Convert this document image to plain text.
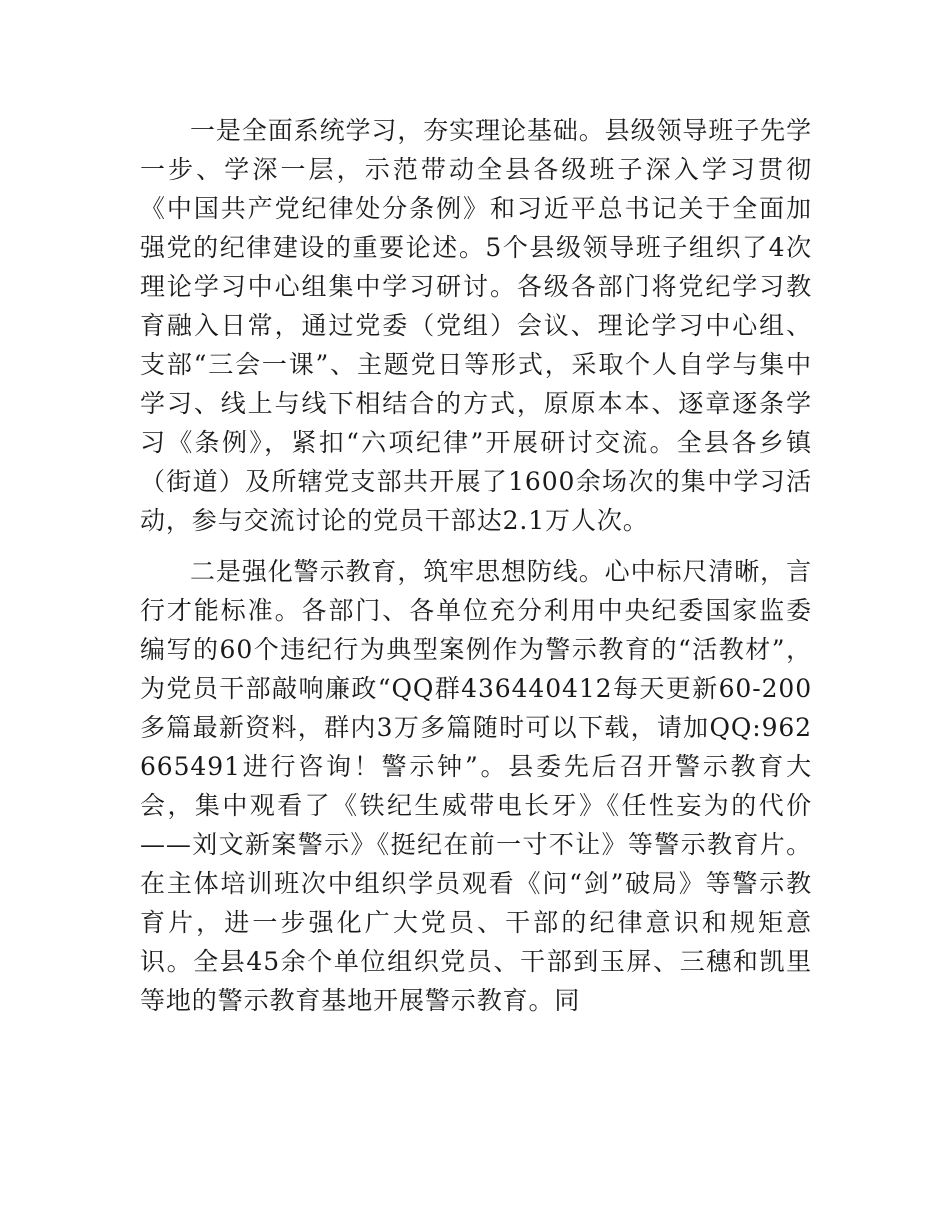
一是全面系统学习，夯实理论基础。县级领导班子先学一步、学深一层，示范带动全县各级班子深入学习贯彻《中国共产党纪律处分条例》和习近平总书记关于全面加强党的纪律建设的重要论述。5个县级领导班子组织了4次理论学习中心组集中学习研讨。各级各部门将党纪学习教育融入日常，通过党委（党组）会议、理论学习中心组、支部“三会一课”、主题党日等形式，采取个人自学与集中学习、线上与线下相结合的方式，原原本本、逐章逐条学习《条例》，紧扣“六项纪律”开展研讨交流。全县各乡镇（街道）及所辖党支部共开展了1600余场次的集中学习活动，参与交流讨论的党员干部达2.1万人次。

二是强化警示教育，筑牢思想防线。心中标尺清晰，言行才能标准。各部门、各单位充分利用中央纪委国家监委编写的60个违纪行为典型案例作为警示教育的“活教材”，为党员干部敲响廉政“QQ群436440412每天更新60-200多篇最新资料，群内3万多篇随时可以下载，请加QQ:962665491进行咨询！警示钟”。县委先后召开警示教育大会，集中观看了《铁纪生威带电长牙》《任性妄为的代价——刘文新案警示》《挺纪在前一寸不让》等警示教育片。在主体培训班次中组织学员观看《问“剑”破局》等警示教育片，进一步强化广大党员、干部的纪律意识和规矩意识。全县45余个单位组织党员、干部到玉屏、三穗和凯里等地的警示教育基地开展警示教育。同
